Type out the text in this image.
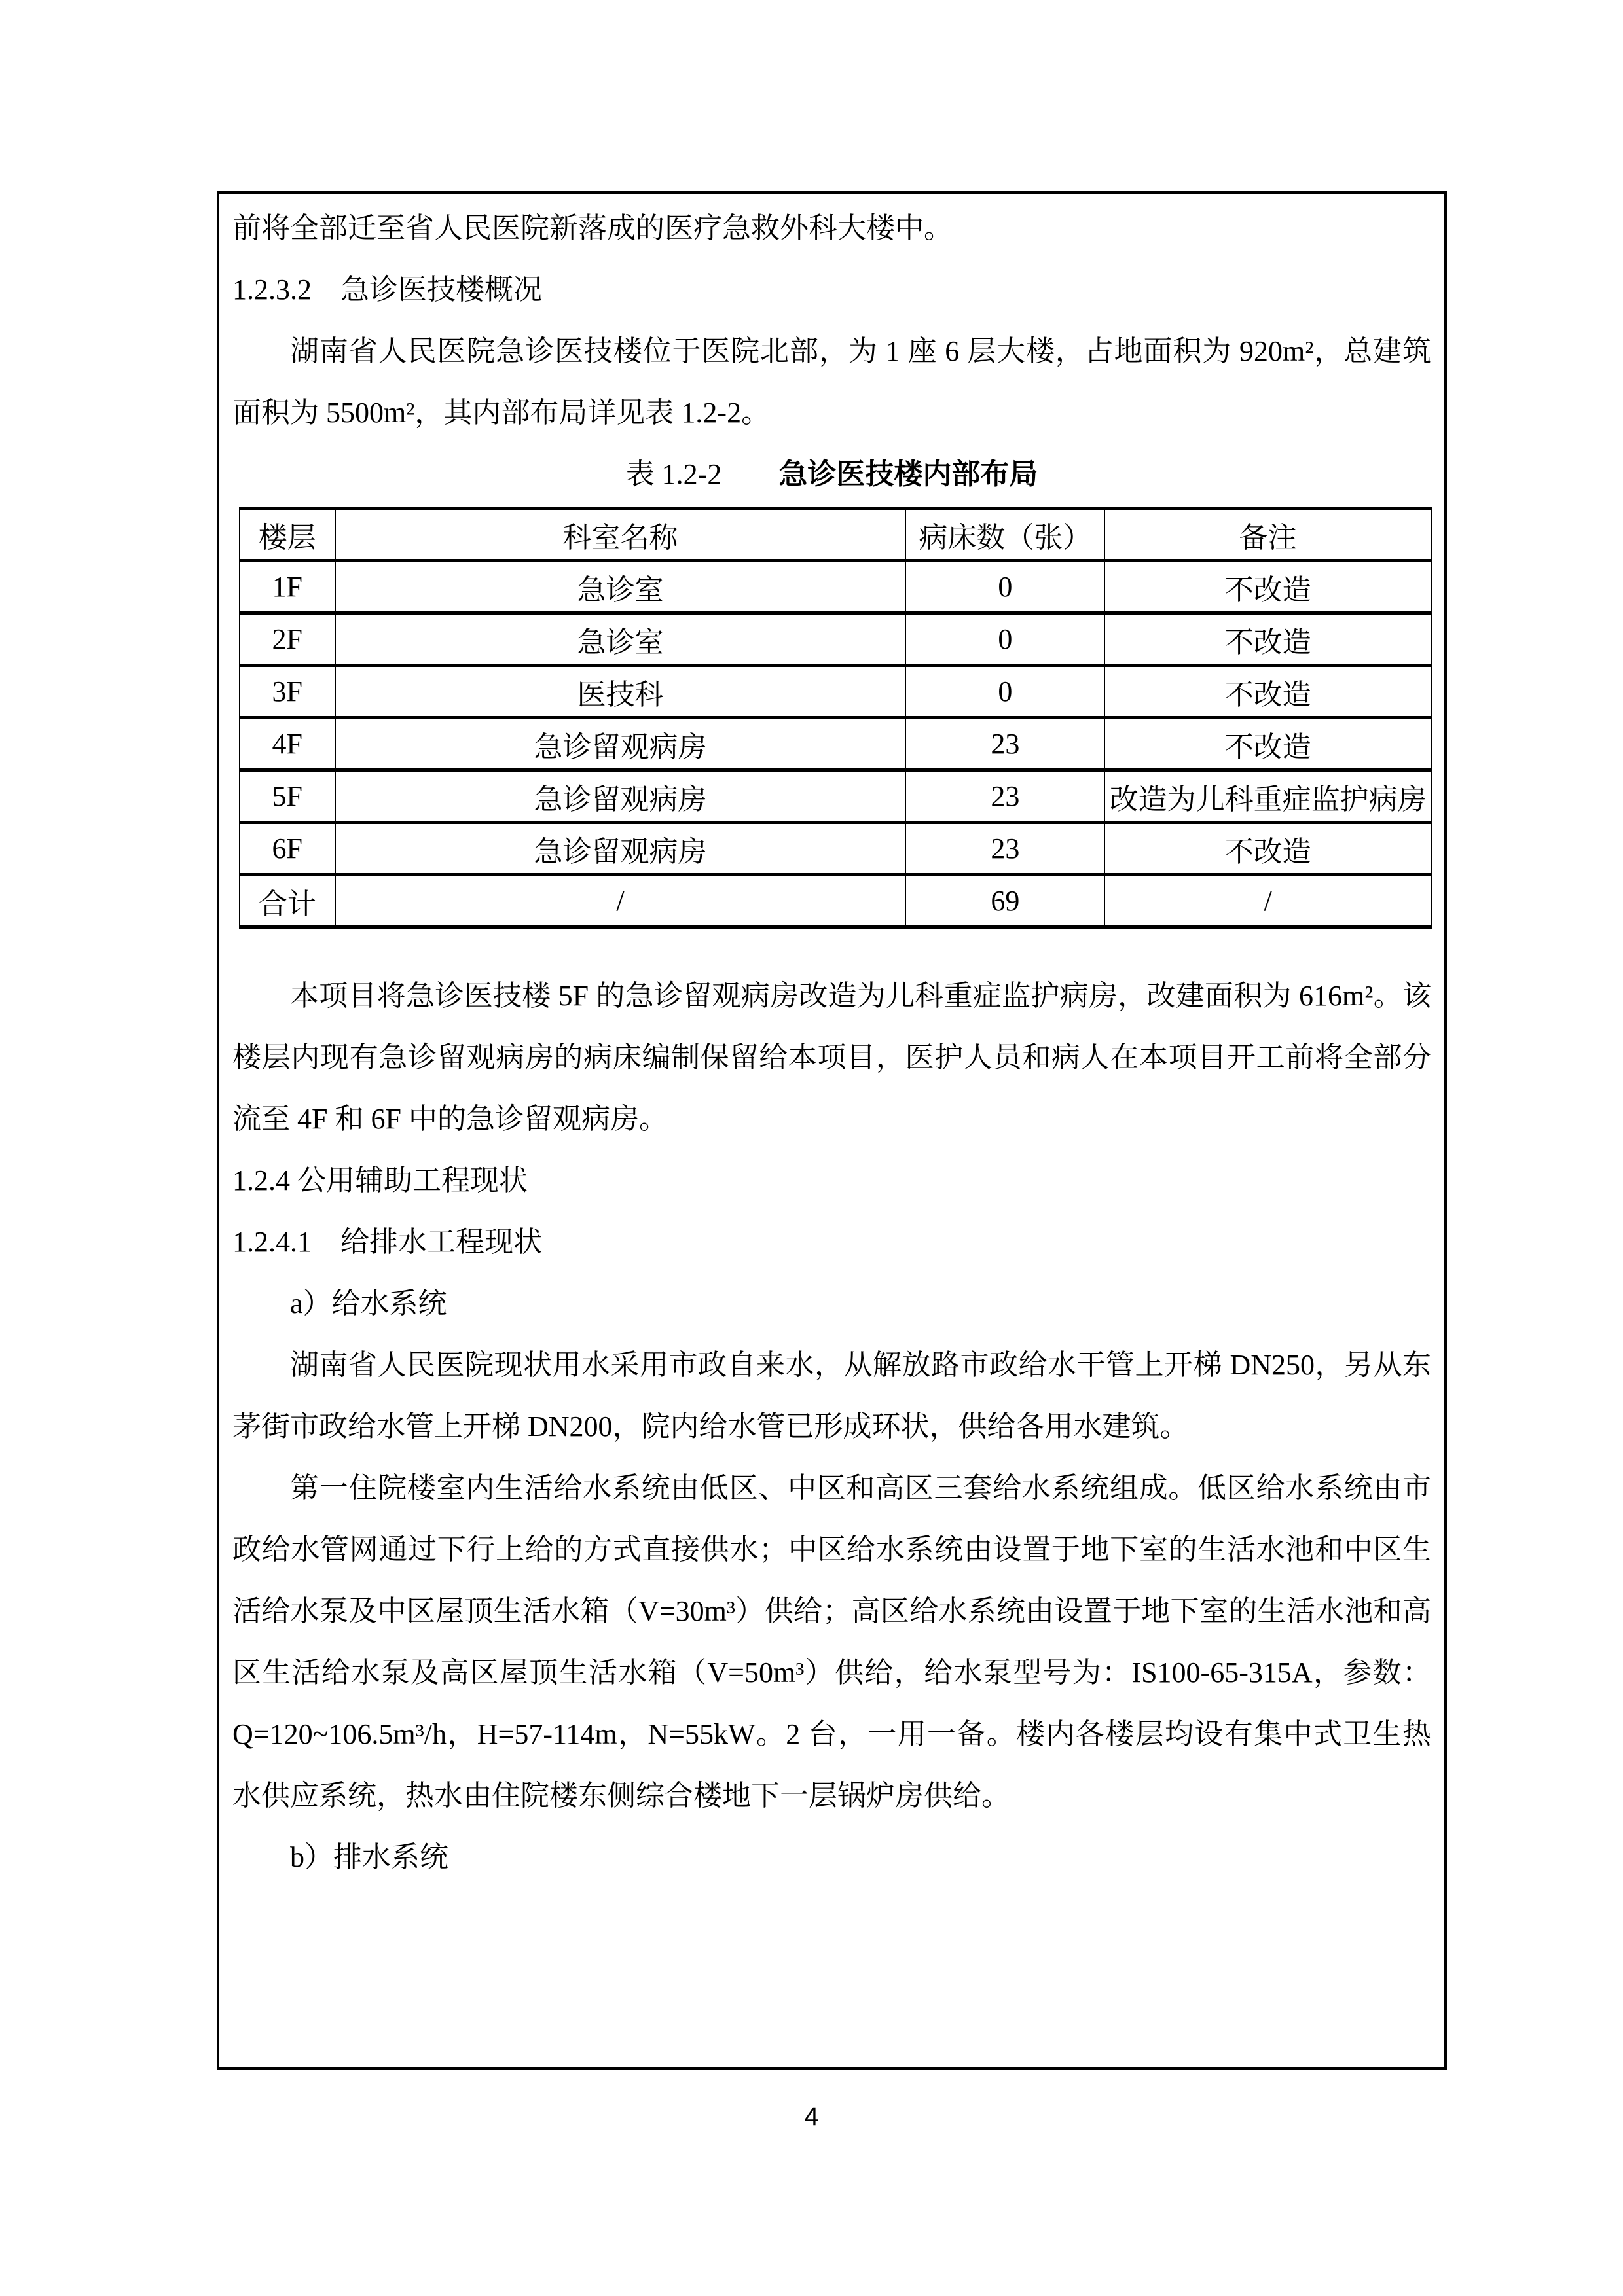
前将全部迁至省人民医院新落成的医疗急救外科大楼中。

1.2.3.2　急诊医技楼概况

湖南省人民医院急诊医技楼位于医院北部，为 1 座 6 层大楼，占地面积为 920m²，总建筑面积为 5500m²，其内部布局详见表 1.2-2。

表 1.2-2 急诊医技楼内部布局

楼层	科室名称	病床数（张）	备注
1F	急诊室	0	不改造
2F	急诊室	0	不改造
3F	医技科	0	不改造
4F	急诊留观病房	23	不改造
5F	急诊留观病房	23	改造为儿科重症监护病房
6F	急诊留观病房	23	不改造
合计	/	69	/

本项目将急诊医技楼 5F 的急诊留观病房改造为儿科重症监护病房，改建面积为 616m²。该楼层内现有急诊留观病房的病床编制保留给本项目，医护人员和病人在本项目开工前将全部分流至 4F 和 6F 中的急诊留观病房。

1.2.4 公用辅助工程现状

1.2.4.1　给排水工程现状

a）给水系统

湖南省人民医院现状用水采用市政自来水，从解放路市政给水干管上开梯 DN250，另从东茅街市政给水管上开梯 DN200，院内给水管已形成环状，供给各用水建筑。

第一住院楼室内生活给水系统由低区、中区和高区三套给水系统组成。低区给水系统由市政给水管网通过下行上给的方式直接供水；中区给水系统由设置于地下室的生活水池和中区生活给水泵及中区屋顶生活水箱（V=30m³）供给；高区给水系统由设置于地下室的生活水池和高区生活给水泵及高区屋顶生活水箱（V=50m³）供给，给水泵型号为：IS100-65-315A，参数：Q=120~106.5m³/h，H=57-114m，N=55kW。2 台，一用一备。楼内各楼层均设有集中式卫生热水供应系统，热水由住院楼东侧综合楼地下一层锅炉房供给。

b）排水系统

4
